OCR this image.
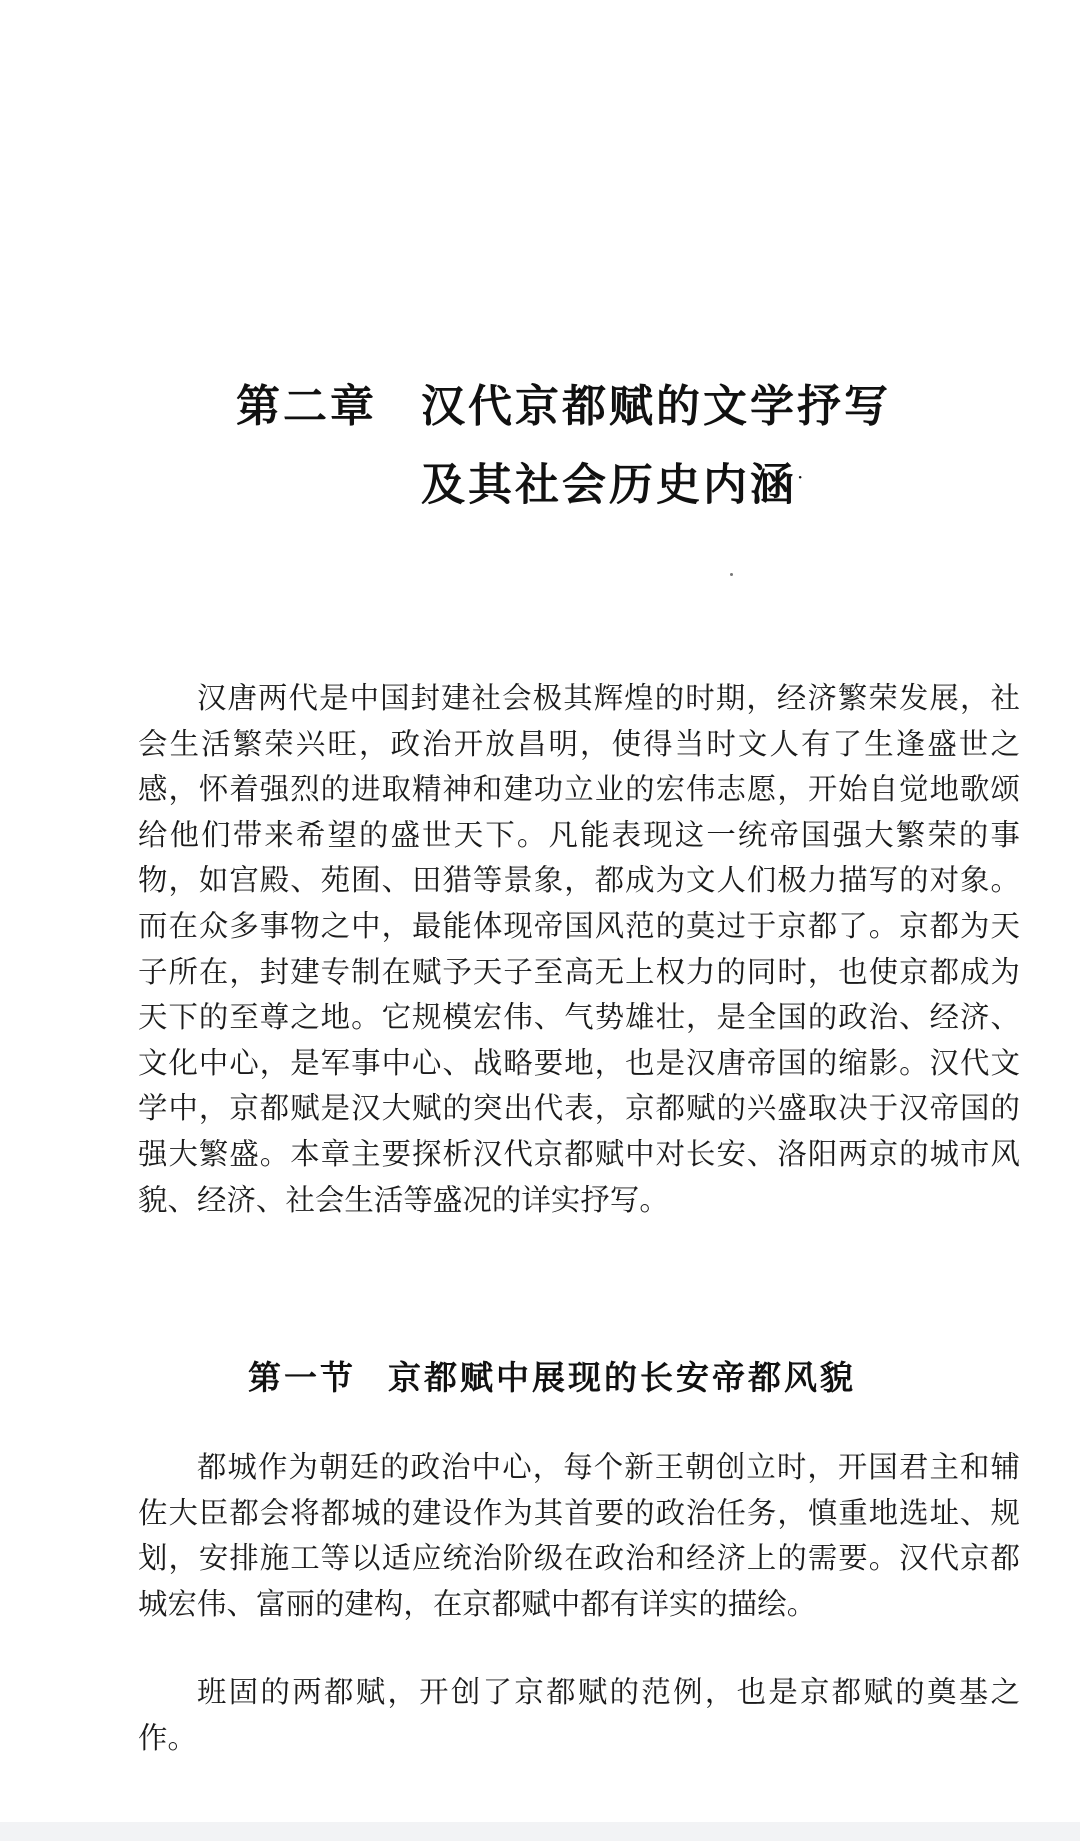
第二章	汉代京都赋的文学抒写
及其社会历史内涵·

汉唐两代是中国封建社会极其辉煌的时期，经济繁荣发展，社会生活繁荣兴旺，政治开放昌明，使得当时文人有了生逢盛世之感，怀着强烈的进取精神和建功立业的宏伟志愿，开始自觉地歌颂给他们带来希望的盛世天下。凡能表现这一统帝国强大繁荣的事物，如宫殿、苑囿、田猎等景象，都成为文人们极力描写的对象。而在众多事物之中，最能体现帝国风范的莫过于京都了。京都为天子所在，封建专制在赋予天子至高无上权力的同时，也使京都成为天下的至尊之地。它规模宏伟、气势雄壮，是全国的政治、经济、文化中心，是军事中心、战略要地，也是汉唐帝国的缩影。汉代文学中，京都赋是汉大赋的突出代表，京都赋的兴盛取决于汉帝国的强大繁盛。本章主要探析汉代京都赋中对长安、洛阳两京的城市风貌、经济、社会生活等盛况的详实抒写。

第一节 京都赋中展现的长安帝都风貌

都城作为朝廷的政治中心，每个新王朝创立时，开国君主和辅佐大臣都会将都城的建设作为其首要的政治任务，慎重地选址、规划，安排施工等以适应统治阶级在政治和经济上的需要。汉代京都城宏伟、富丽的建构，在京都赋中都有详实的描绘。

班固的两都赋，开创了京都赋的范例，也是京都赋的奠基之作。
